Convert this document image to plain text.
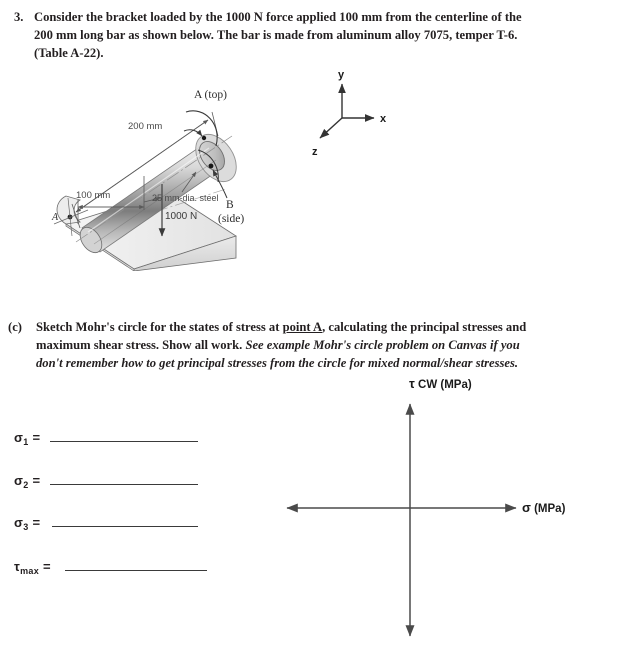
3. Consider the bracket loaded by the 1000 N force applied 100 mm from the centerline of the
200 mm long bar as shown below. The bar is made from aluminum alloy 7075, temper T-6.
(Table A-22).
200 mm
100 mm
1000 N
25 mm-dia. steel
A
A (top)
B
(side)
y
x
z
(c)	Sketch Mohr's circle for the states of stress at point A, calculating the principal stresses and
maximum shear stress. Show all work. See example Mohr's circle problem on Canvas if you
don't remember how to get principal stresses from the circle for mixed normal/shear stresses.
$\sigma_1$ =
$\sigma_2$ =
$\sigma_3$ =
$\tau_{max}$ =
τ CW (MPa)
σ (MPa)
